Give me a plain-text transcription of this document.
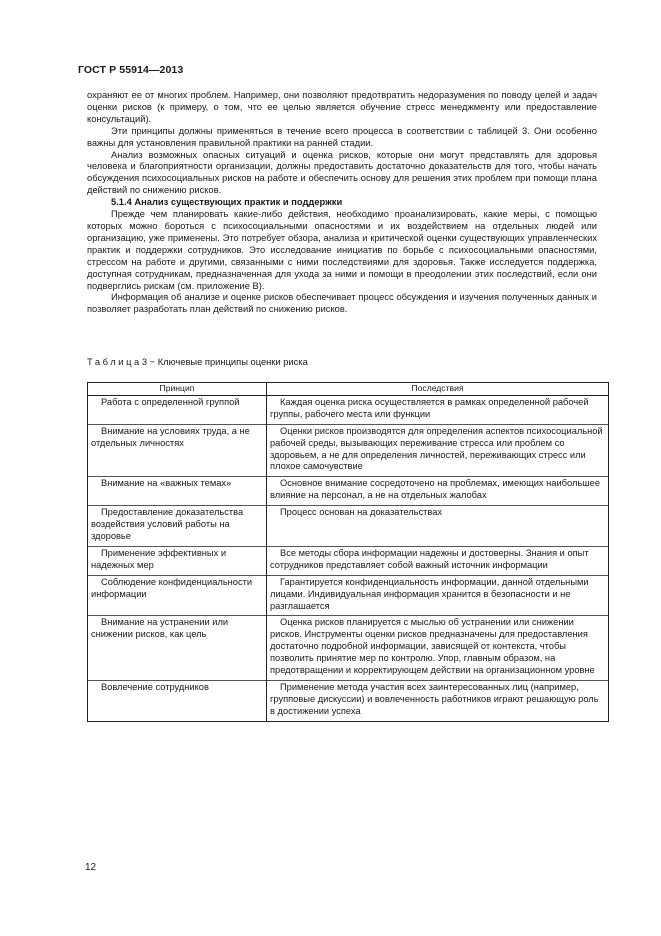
ГОСТ Р 55914—2013

охраняют ее от многих проблем. Например, они позволяют предотвратить недоразумения по поводу целей и задач оценки рисков (к примеру, о том, что ее целью является обучение стресс менеджменту или предоставление консультаций).

Эти принципы должны применяться в течение всего процесса в соответствии с таблицей 3. Они особенно важны для установления правильной практики на ранней стадии.

Анализ возможных опасных ситуаций и оценка рисков, которые они могут представлять для здоровья человека и благоприятности организации, должны предоставить достаточно доказательств для того, чтобы начать обсуждения психосоциальных рисков на работе и обеспечить основу для решения этих проблем при помощи плана действий по снижению рисков.

5.1.4 Анализ существующих практик и поддержки

Прежде чем планировать какие-либо действия, необходимо проанализировать, какие меры, с помощью которых можно бороться с психосоциальными опасностями и их воздействием на отдельных людей или организацию, уже применены. Это потребует обзора, анализа и критической оценки существующих управленческих практик и поддержки сотрудников. Это исследование инициатив по борьбе с психосоциальными опасностями, стрессом на работе и другими, связанными с ними последствиями для здоровья. Также исследуется поддержка, доступная сотрудникам, предназначенная для ухода за ними и помощи в преодолении этих последствий, если они подверглись рискам (см. приложение В).

Информация об анализе и оценке рисков обеспечивает процесс обсуждения и изучения полученных данных и позволяет разработать план действий по снижению рисков.

Таблица3 − Ключевые принципы оценки риска
Принцип	Последствия

Работа с определенной группой	Каждая оценка риска осуществляется в рамках определенной рабочей группы, рабочего места или функции

Внимание на условиях труда, а не отдельных личностях	Оценки рисков производятся для определения аспектов психосоциальной рабочей среды, вызывающих переживание стресса или проблем со здоровьем, а не для определения личностей, переживающих стресс или плохое самочувствие

Внимание на «важных темах»	Основное внимание сосредоточено на проблемах, имеющих наибольшее влияние на персонал, а не на отдельных жалобах

Предоставление доказательства воздействия условий работы на здоровье	Процесс основан на доказательствах

Применение эффективных и надежных мер	Все методы сбора информации надежны и достоверны. Знания и опыт сотрудников представляет собой важный источник информации

Соблюдение конфиденциальности информации	Гарантируется конфиденциальность информации, данной отдельными лицами. Индивидуальная информация хранится в безопасности и не разглашается

Внимание на устранении или снижении рисков, как цель	Оценка рисков планируется с мыслью об устранении или снижении рисков. Инструменты оценки рисков предназначены для предоставления достаточно подробной информации, зависящей от контекста, чтобы позволить принятие мер по контролю. Упор, главным образом, на предотвращении и корректирующем действии на организационном уровне

Вовлечение сотрудников	Применение метода участия всех заинтересованных лиц (например, групповые дискуссии) и вовлеченность работников играют решающую роль в достижении успеха
12
